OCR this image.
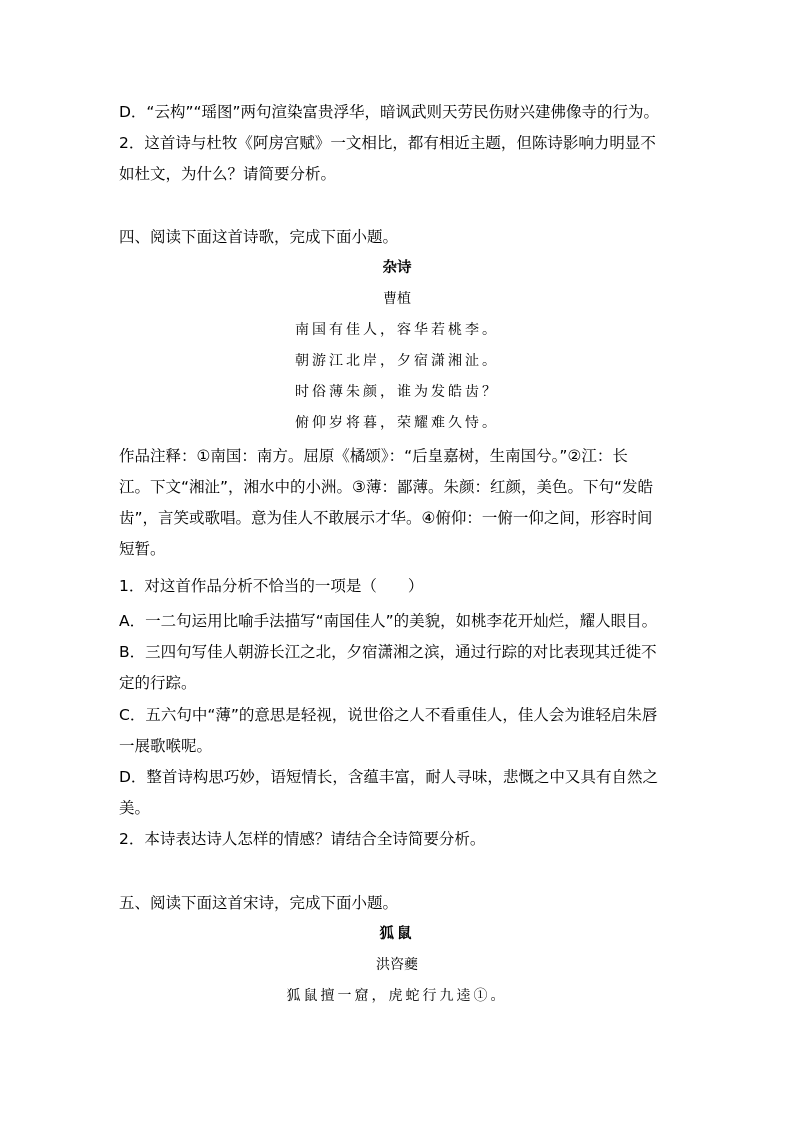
D．“云构”“瑶图”两句渲染富贵浮华，暗讽武则天劳民伤财兴建佛像寺的行为。
2．这首诗与杜牧《阿房宫赋》一文相比，都有相近主题，但陈诗影响力明显不
如杜文，为什么？请简要分析。
四、阅读下面这首诗歌，完成下面小题。
杂诗
曹植
南国有佳人，容华若桃李。
朝游江北岸，夕宿潇湘沚。
时俗薄朱颜，谁为发皓齿？
俯仰岁将暮，荣耀难久恃。
作品注释：①南国：南方。屈原《橘颂》：“后皇嘉树，生南国兮。”②江：长
江。下文“湘沚”，湘水中的小洲。③薄：鄙薄。朱颜：红颜，美色。下句“发皓
齿”，言笑或歌唱。意为佳人不敢展示才华。④俯仰：一俯一仰之间，形容时间
短暂。
1．对这首作品分析不恰当的一项是（　　）
A．一二句运用比喻手法描写“南国佳人”的美貌，如桃李花开灿烂，耀人眼目。
B．三四句写佳人朝游长江之北，夕宿潇湘之滨，通过行踪的对比表现其迁徙不
定的行踪。
C．五六句中“薄”的意思是轻视，说世俗之人不看重佳人，佳人会为谁轻启朱唇
一展歌喉呢。
D．整首诗构思巧妙，语短情长，含蕴丰富，耐人寻味，悲慨之中又具有自然之
美。
2．本诗表达诗人怎样的情感？请结合全诗简要分析。
五、阅读下面这首宋诗，完成下面小题。
狐鼠
洪咨夔
狐鼠擅一窟，虎蛇行九逵①。
